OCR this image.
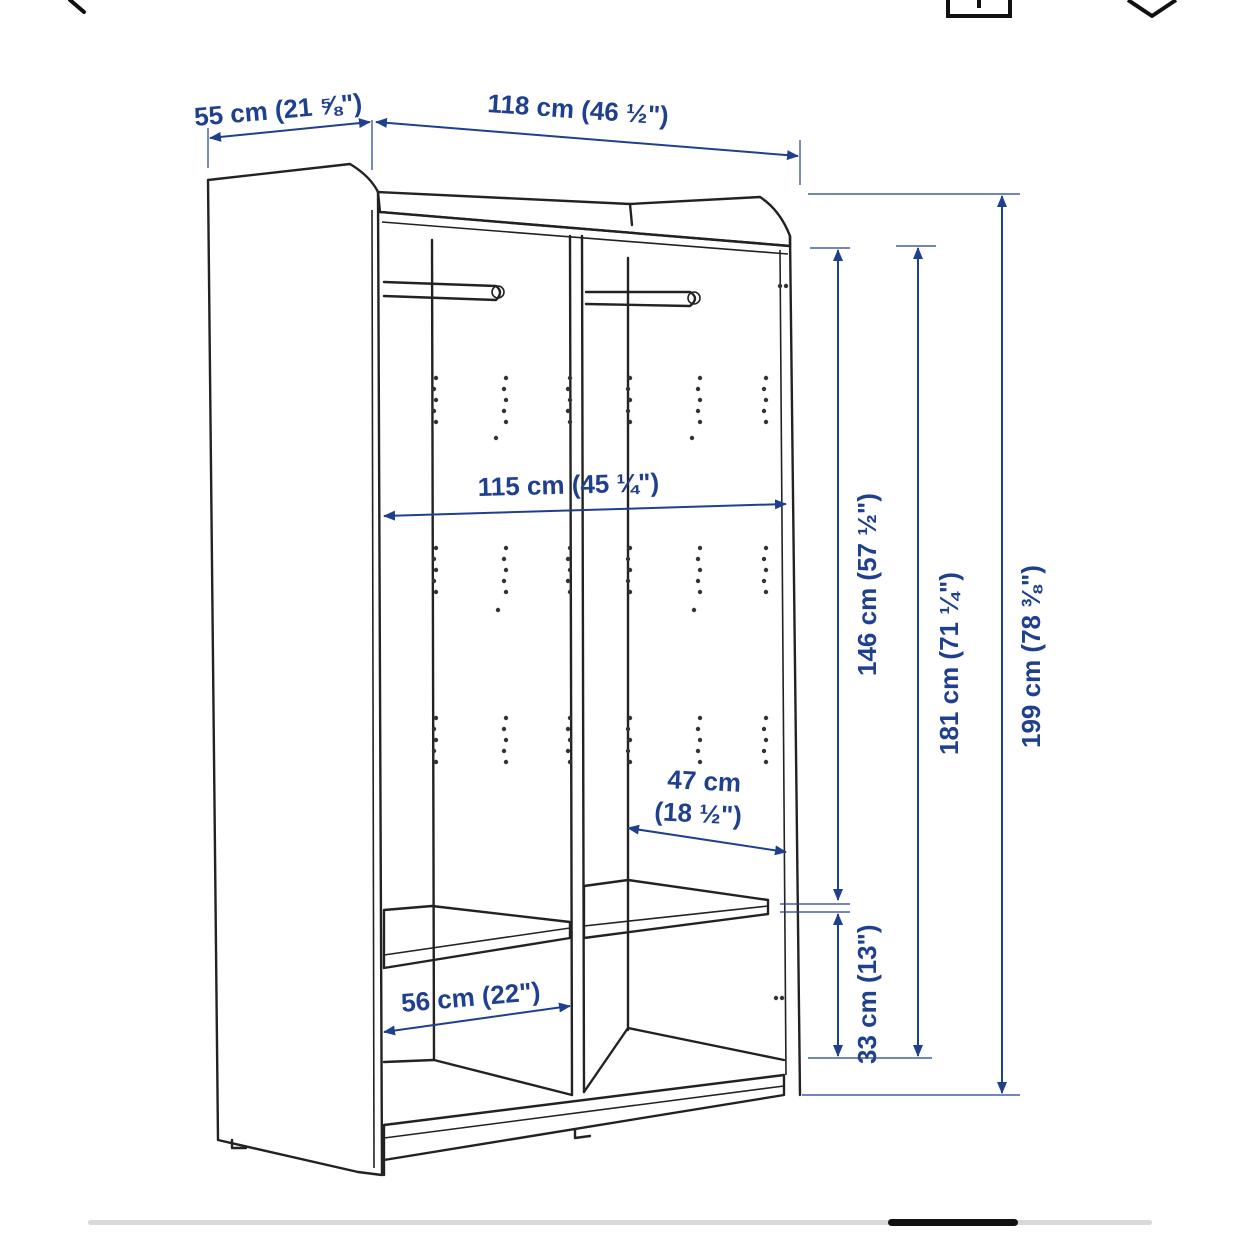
55 cm (21 ⅝")	118 cm (46 ½")
115 cm (45 ¼")
47 cm
(18 ½")
56 cm (22")
146 cm (57 ½") 181 cm (71 ¼") 199 cm (78 ⅜")
33 cm (13")
